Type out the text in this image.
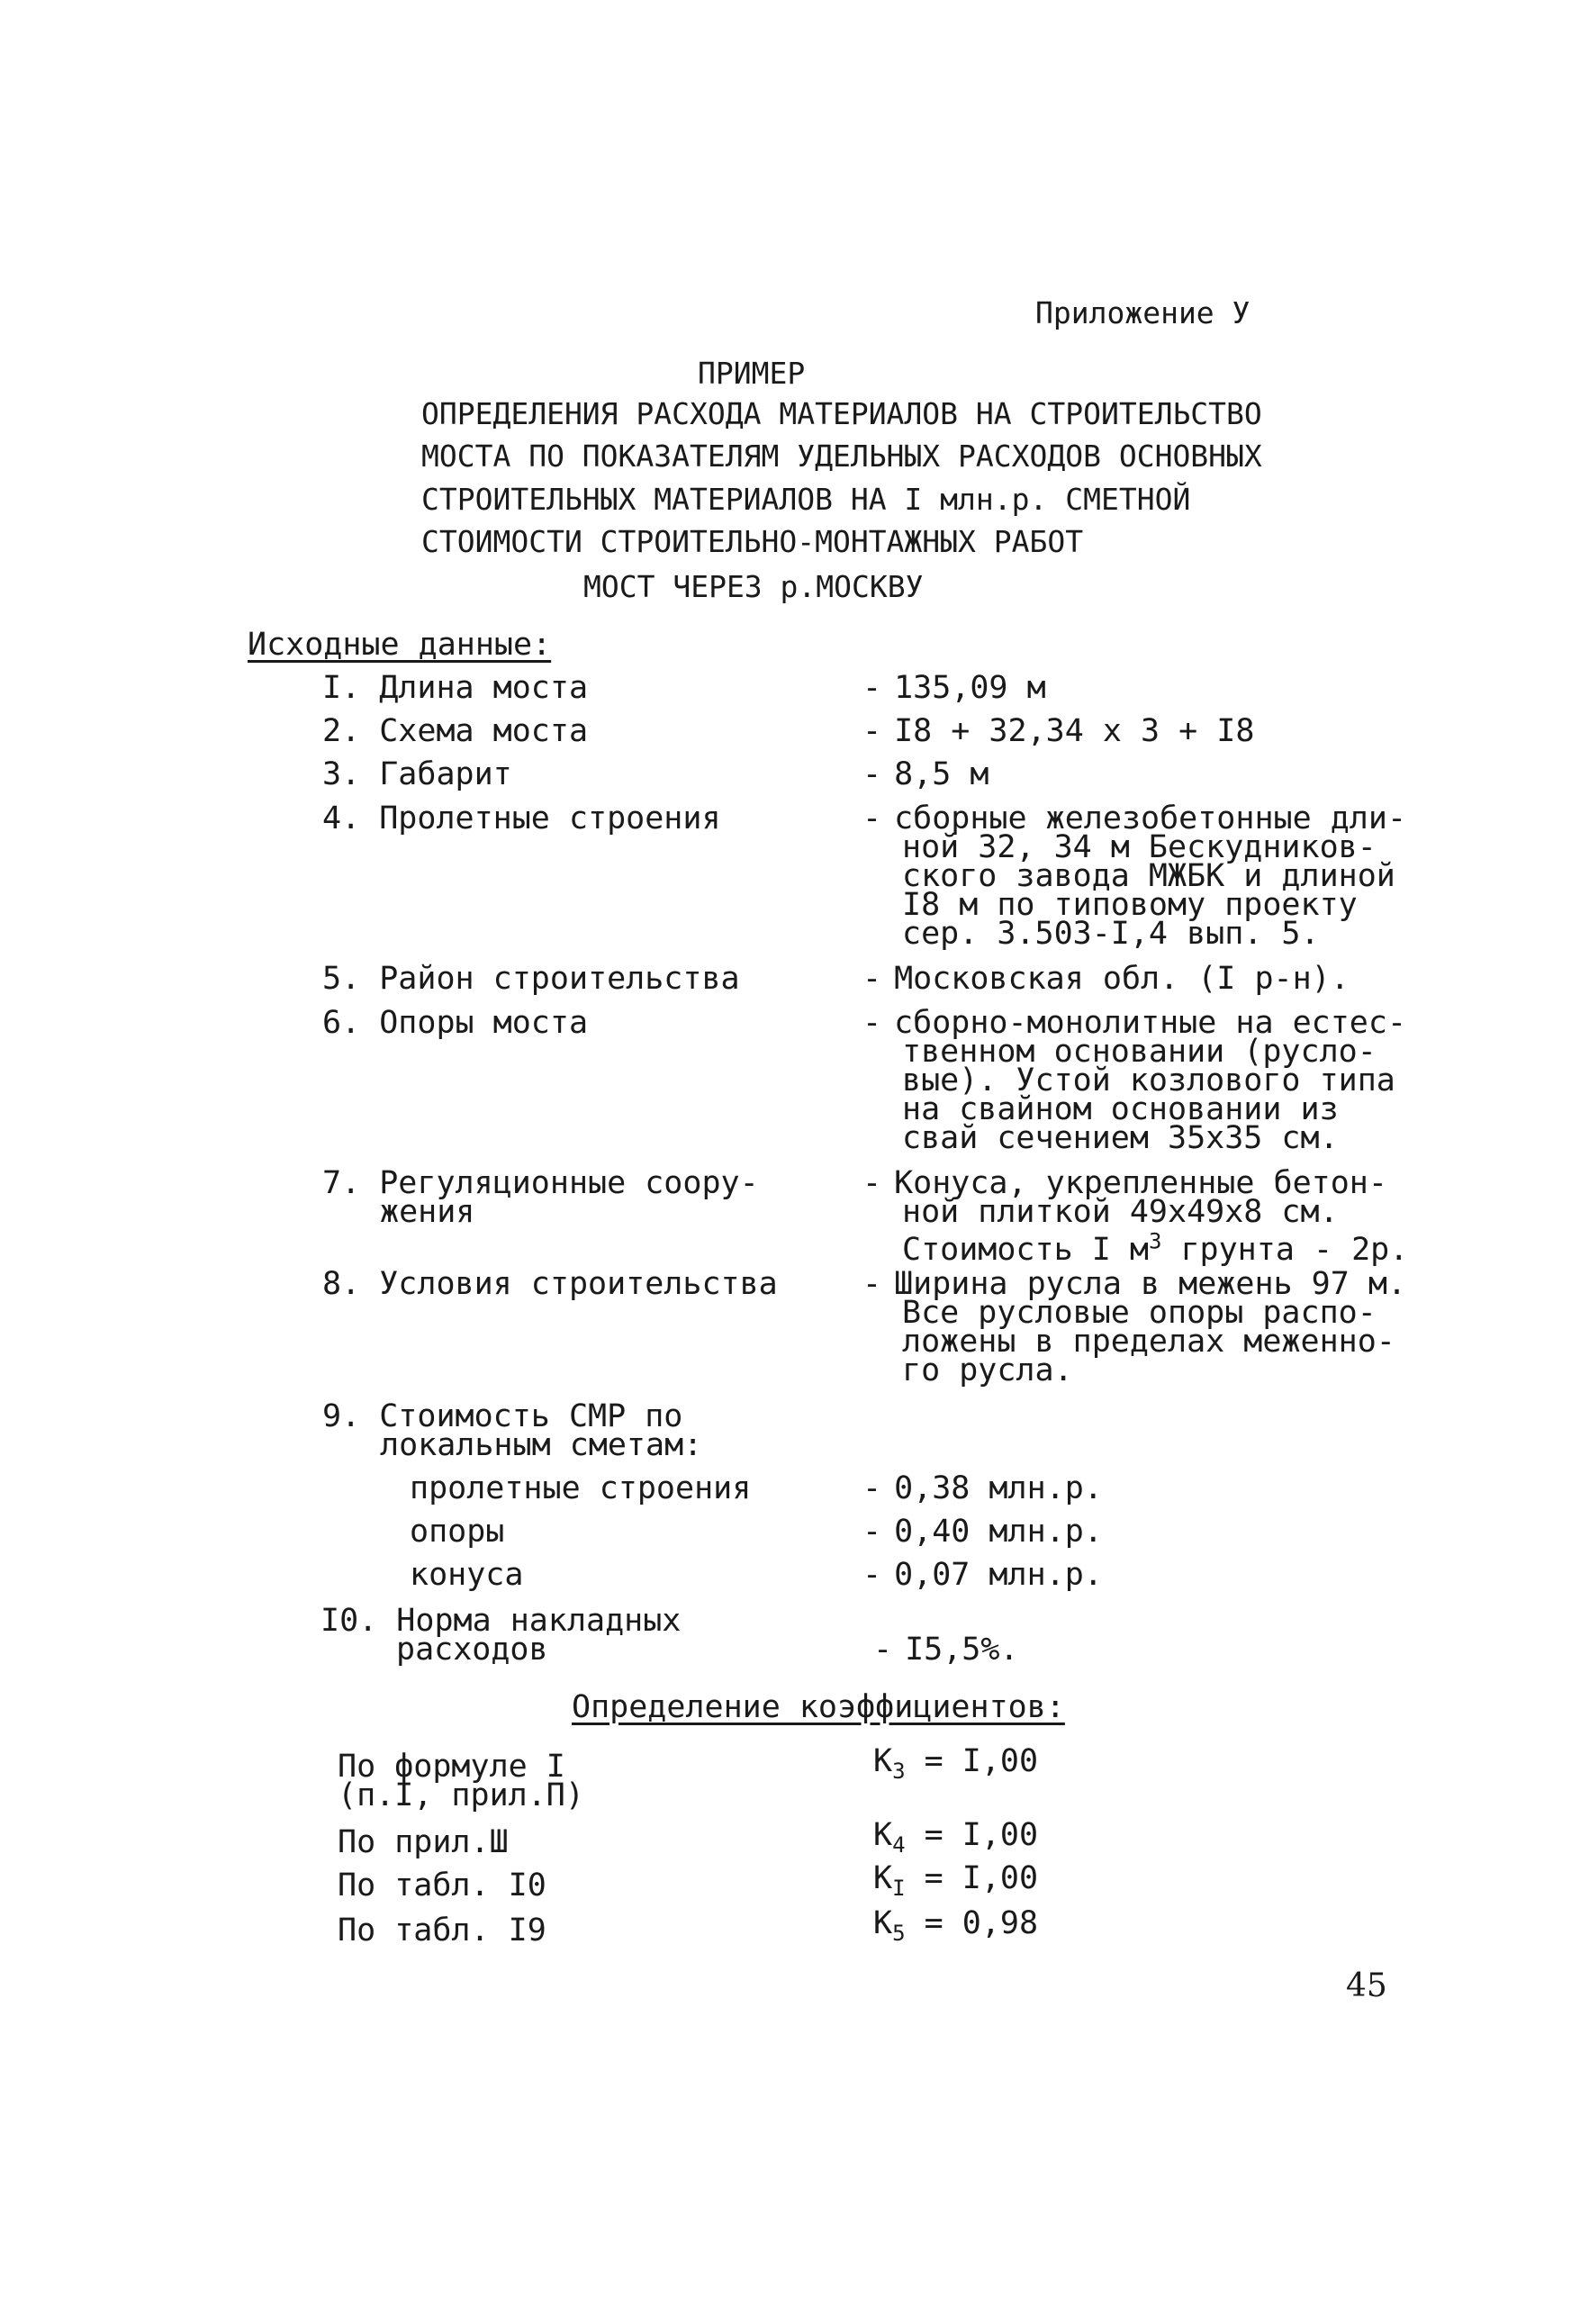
Приложение У
ПРИМЕР
ОПРЕДЕЛЕНИЯ РАСХОДА МАТЕРИАЛОВ НА СТРОИТЕЛЬСТВО
МОСТА ПО ПОКАЗАТЕЛЯМ УДЕЛЬНЫХ РАСХОДОВ ОСНОВНЫХ
СТРОИТЕЛЬНЫХ МАТЕРИАЛОВ НА I млн.р. СМЕТНОЙ
СТОИМОСТИ СТРОИТЕЛЬНО-МОНТАЖНЫХ РАБОТ
МОСТ ЧЕРЕЗ р.МОСКВУ
Исходные данные:
I. Длина моста	- 135,09 м
2. Схема моста	- I8 + 32,34 х 3 + I8
3. Габарит	- 8,5 м
4. Пролетные строения	- сборные железобетонные дли-
ной 32, 34 м Бескудников-
ского завода МЖБК и длиной
I8 м по типовому проекту
сер. 3.503-I,4 вып. 5.
5. Район строительства	- Московская обл. (I р-н).
6. Опоры моста	- сборно-монолитные на естес-
твенном основании (русло-
вые). Устой козлового типа
на свайном основании из
свай сечением 35х35 см.
7. Регуляционные соору-
жения
- Конуса, укрепленные бетон-
ной плиткой 49х49х8 см.
Стоимость I $м^3$ грунта - 2р.
8. Условия строительства	- Ширина русла в межень 97 м.
Все русловые опоры распо-
ложены в пределах меженно-
го русла.
9. Стоимость СМР по
локальным сметам:
пролетные строения	- 0,38 млн.р.
опоры	- 0,40 млн.р.
конуса	- 0,07 млн.р.
I0. Норма накладных
расходов	- I5,5%.
Определение коэффициентов:
По формуле I
(п.I, прил.П)
$К_3 = I,00$
По прил.Ш	$К_4 = I,00$
По табл. I0	$К_I = I,00$
По табл. I9	$К_5 = 0,98$
45
